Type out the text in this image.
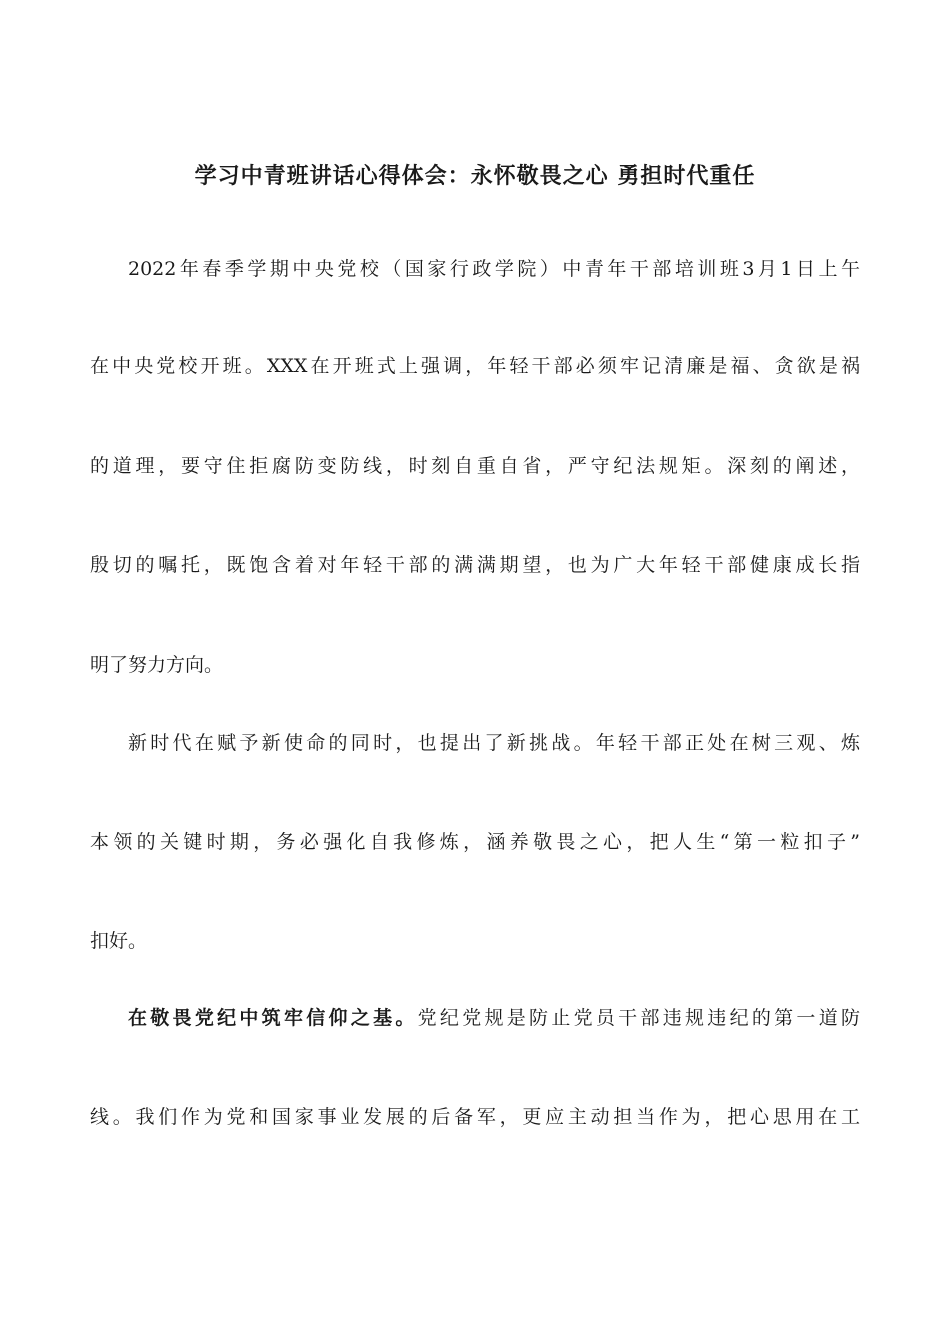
学习中青班讲话心得体会：永怀敬畏之心 勇担时代重任
2022年春季学期中央党校（国家行政学院）中青年干部培训班3月1日上午
在中央党校开班。XXX在开班式上强调，年轻干部必须牢记清廉是福、贪欲是祸
的道理，要守住拒腐防变防线，时刻自重自省，严守纪法规矩。深刻的阐述，
殷切的嘱托，既饱含着对年轻干部的满满期望，也为广大年轻干部健康成长指
明了努力方向。
新时代在赋予新使命的同时，也提出了新挑战。年轻干部正处在树三观、炼
本领的关键时期，务必强化自我修炼，涵养敬畏之心，把人生“第一粒扣子”
扣好。
在敬畏党纪中筑牢信仰之基。党纪党规是防止党员干部违规违纪的第一道防
线。我们作为党和国家事业发展的后备军，更应主动担当作为，把心思用在工
